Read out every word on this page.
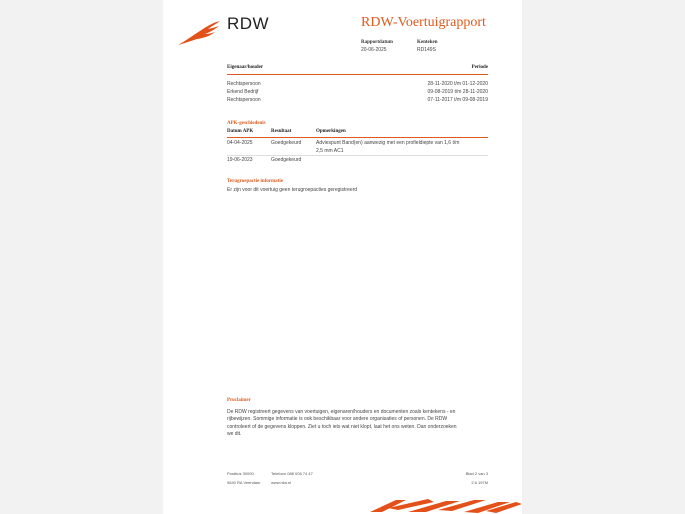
RDW	RDW-Voertuigrapport
Rapportdatum
20-06-2025
Kenteken
RD149S
Eigenaar/houder	Periode
Rechtspersoon	28-11-2020 t/m 01-12-2020
Erkend Bedrijf	09-08-2019 t/m 28-11-2020
Rechtspersoon	07-11-2017 t/m 09-08-2019
APK-geschiedenis
Datum APK	Resultaat	Opmerkingen
04-04-2025	Goedgekeurd	Adviespunt Band(en) aanwezig met een profieldiepte van 1,6 t/m
2,5 mm AC1
19-06-2023	Goedgekeurd
Terugroepactie informatie
Er zijn voor dit voertuig geen terugroepacties geregistreerd
Proclaimer
De RDW registreert gegevens van voertuigen, eigenaren/houders en documenten zoals kentekens - en
rijbewijzen. Sommige informatie is ook beschikbaar voor andere organisaties of personen. De RDW
controleert of de gegevens kloppen. Ziet u toch iets wat niet klopt, laat het ons weten. Dan onderzoeken
we dit.
Postbus 30000
9640 RA Veendam
Telefoon 088 008 74 47
www.rdw.nl
Blad 2 van 3
2.6.197M
